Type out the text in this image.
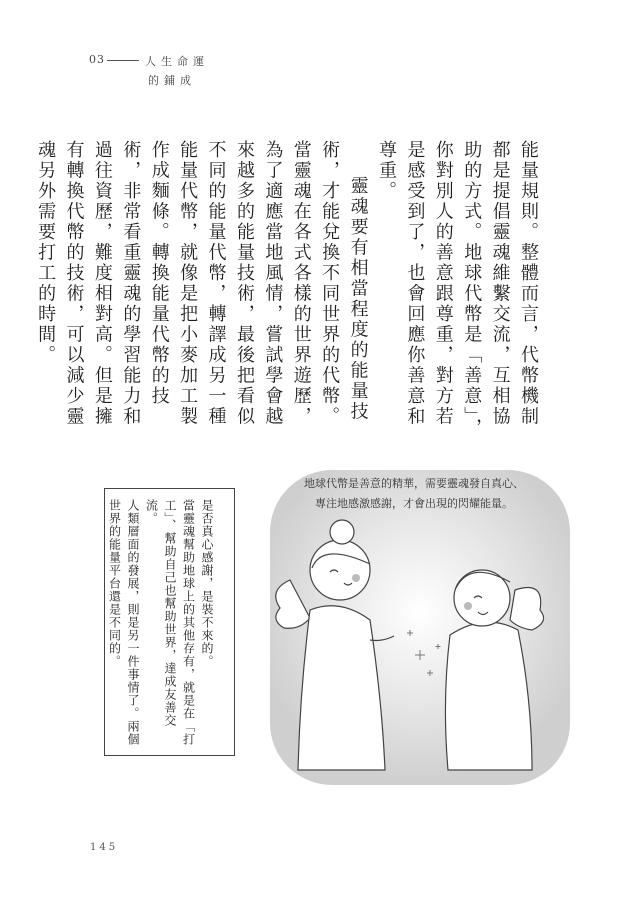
03	人生命運
的鋪成

能量規則。整體而言，代幣機制都是提倡靈魂維繫交流，互相協助的方式。地球代幣是「善意」，你對別人的善意跟尊重，對方若是感受到了，也會回應你善意和尊重。

靈魂要有相當程度的能量技術，才能兌換不同世界的代幣。當靈魂在各式各樣的世界遊歷，為了適應當地風情，嘗試學會越來越多的能量技術，最後把看似不同的能量代幣，轉譯成另一種能量代幣，就像是把小麥加工製作成麵條。轉換能量代幣的技術，非常看重靈魂的學習能力和過往資歷，難度相對高。但是擁有轉換代幣的技術，可以減少靈魂另外需要打工的時間。

是否真心感謝，是裝不來的。

當靈魂幫助地球上的其他存有，就是在「打工」、幫助自己也幫助世界，達成友善交流。

人類層面的發展，則是另一件事情了。兩個世界的能量平台還是不同的。

地球代幣是善意的精華，需要靈魂發自真心、
專注地感激感謝，才會出現的閃耀能量。
145
